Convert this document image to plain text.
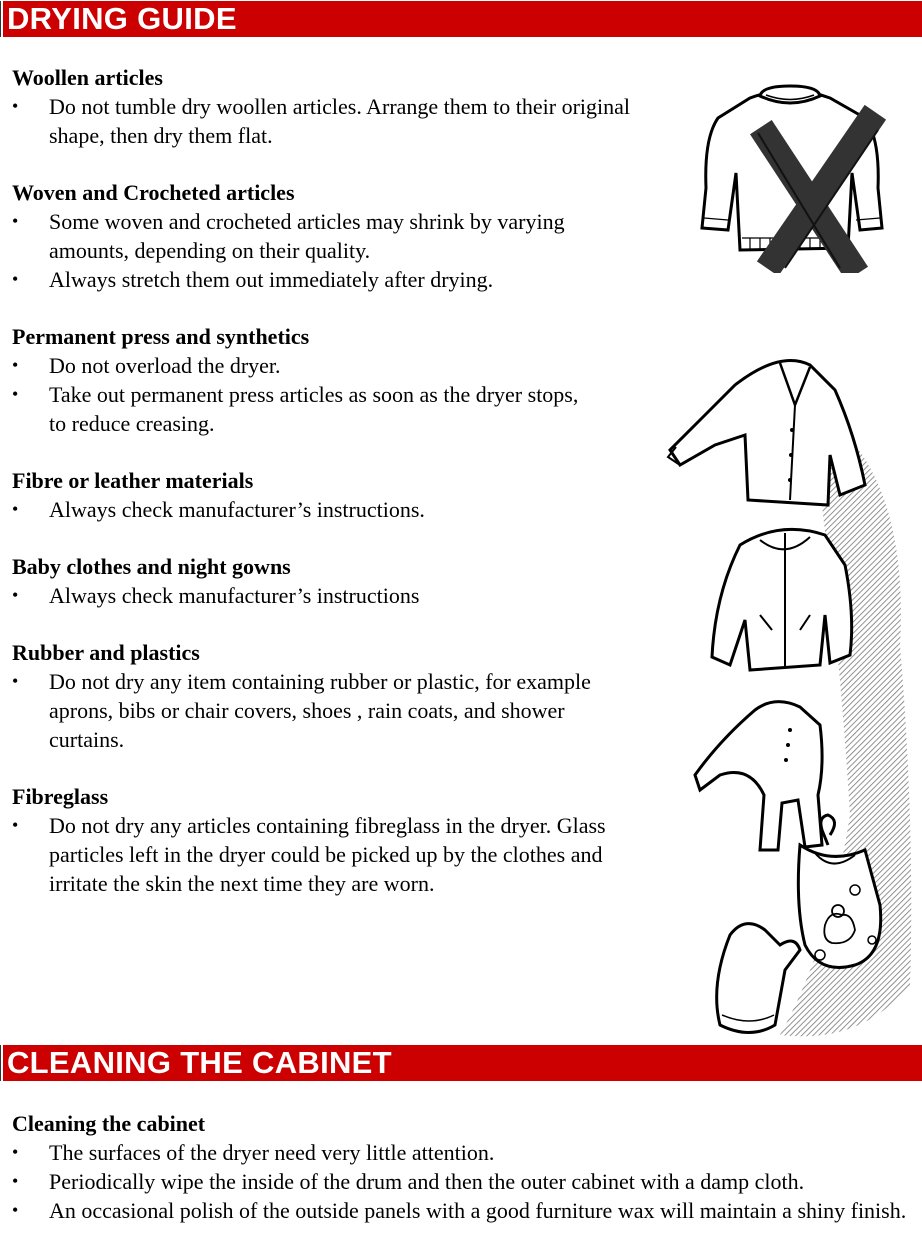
DRYING GUIDE
Woollen articles
• Do not tumble dry woollen articles. Arrange them to their original shape, then dry them flat.
Woven and Crocheted articles
• Some woven and crocheted articles may shrink by varying amounts, depending on their quality.
• Always stretch them out immediately after drying.
Permanent press and synthetics
• Do not overload the dryer.
• Take out permanent press articles as soon as the dryer stops, to reduce creasing.
Fibre or leather materials
• Always check manufacturer’s instructions.
Baby clothes and night gowns
• Always check manufacturer’s instructions
Rubber and plastics
• Do not dry any item containing rubber or plastic, for example aprons, bibs or chair covers, shoes , rain coats, and shower curtains.
Fibreglass
• Do not dry any articles containing fibreglass in the dryer. Glass particles left in the dryer could be picked up by the clothes and irritate the skin the next time they are worn.
CLEANING THE CABINET
Cleaning the cabinet
• The surfaces of the dryer need very little attention.
• Periodically wipe the inside of the drum and then the outer cabinet with a damp cloth.
• An occasional polish of the outside panels with a good furniture wax will maintain a shiny finish.
